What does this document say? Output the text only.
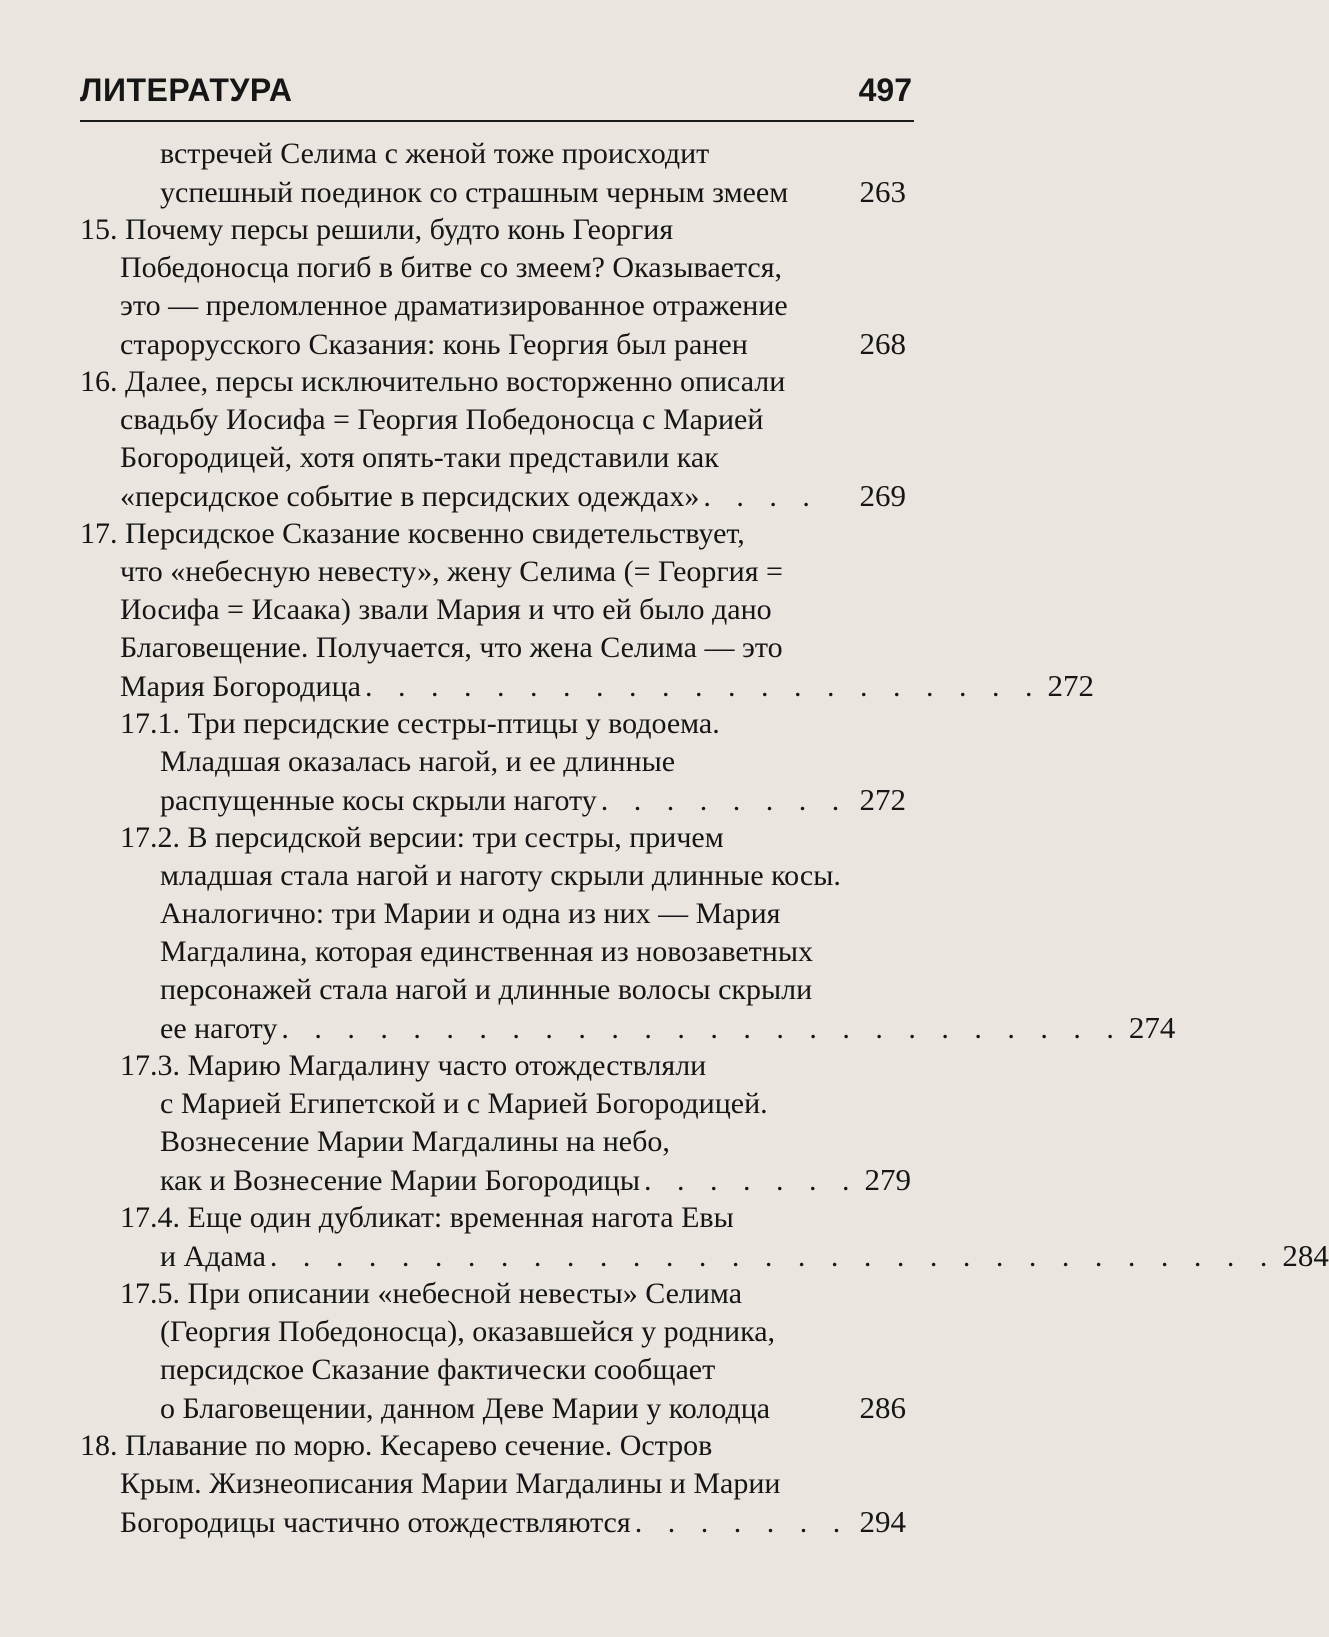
ЛИТЕРАТУРА	497
встречей Селима с женой тоже происходит
успешный поединок со страшным черным змеем 263
15. Почему персы решили, будто конь Георгия
Победоносца погиб в битве со змеем? Оказывается,
это — преломленное драматизированное отражение
старорусского Сказания: конь Георгия был ранен	268
16. Далее, персы исключительно восторженно описали
свадьбу Иосифа = Георгия Победоносца с Марией
Богородицей, хотя опять-таки представили как
«персидское событие в персидских одеждах» . . . .	269
17. Персидское Сказание косвенно свидетельствует,
что «небесную невесту», жену Селима (= Георгия =
Иосифа = Исаака) звали Мария и что ей было дано
Благовещение. Получается, что жена Селима — это
Мария Богородица . . . . . . . . . . . . . . . . . . . . . 272
17.1. Три персидские сестры-птицы у водоема.
Младшая оказалась нагой, и ее длинные
распущенные косы скрыли наготу . . . . . . . . 272
17.2. В персидской версии: три сестры, причем
младшая стала нагой и наготу скрыли длинные косы.
Аналогично: три Марии и одна из них — Мария
Магдалина, которая единственная из новозаветных
персонажей стала нагой и длинные волосы скрыли
ее наготу . . . . . . . . . . . . . . . . . . . . . . . . . . 274
17.3. Марию Магдалину часто отождествляли
с Марией Египетской и с Марией Богородицей.
Вознесение Марии Магдалины на небо,
как и Вознесение Марии Богородицы . . . . . . . 279
17.4. Еще один дубликат: временная нагота Евы
и Адама . . . . . . . . . . . . . . . . . . . . . . . . . . . . . . . 284
17.5. При описании «небесной невесты» Селима
(Георгия Победоносца), оказавшейся у родника,
персидское Сказание фактически сообщает
о Благовещении, данном Деве Марии у колодца	286
18. Плавание по морю. Кесарево сечение. Остров
Крым. Жизнеописания Марии Магдалины и Марии
Богородицы частично отождествляются . . . . . . . 294
